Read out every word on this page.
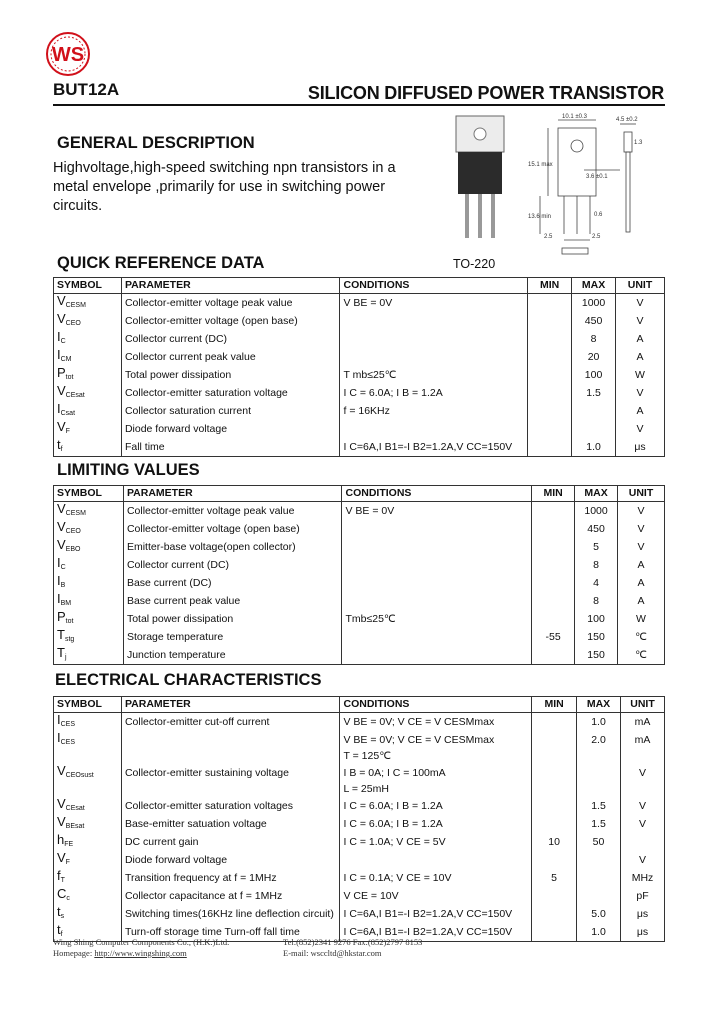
WS
BUT12A	SILICON DIFFUSED POWER TRANSISTOR
GENERAL DESCRIPTION
Highvoltage,high-speed switching npn transistors in a metal envelope ,primarily for use in switching power circuits.
10.1 ±0.3	4.5 ±0.2
1.3
15.1 max
3.6 ±0.1
13.6 min
2.5	2.5
0.6
TO-220
QUICK REFERENCE DATA
SYMBOL	PARAMETER	CONDITIONS	MIN	MAX	UNIT
$V_{CESM}$	Collector-emitter voltage peak value	V BE = 0V		1000	V
$V_{CEO}$	Collector-emitter voltage (open base)			450	V
$I_C$	Collector current (DC)			8	A
$I_{CM}$	Collector current peak value			20	A
$P_{tot}$	Total power dissipation	T mb≤25℃		100	W
$V_{CEsat}$	Collector-emitter saturation voltage	I C = 6.0A; I B = 1.2A		1.5	V
$I_{Csat}$	Collector saturation current	f = 16KHz			A
$V_F$	Diode forward voltage				V
$t_f$	Fall time	I C=6A,I B1=-I B2=1.2A,V CC=150V		1.0	μs
LIMITING VALUES
SYMBOL	PARAMETER	CONDITIONS	MIN	MAX	UNIT
$V_{CESM}$	Collector-emitter voltage peak value	V BE = 0V		1000	V
$V_{CEO}$	Collector-emitter voltage (open base)			450	V
$V_{EBO}$	Emitter-base voltage(open collector)			5	V
$I_C$	Collector current (DC)			8	A
$I_B$	Base current (DC)			4	A
$I_{BM}$	Base current peak value			8	A
$P_{tot}$	Total power dissipation	Tmb≤25℃		100	W
$T_{stg}$	Storage temperature		-55	150	℃
$T_j$	Junction temperature			150	℃
ELECTRICAL CHARACTERISTICS
SYMBOL	PARAMETER	CONDITIONS	MIN	MAX	UNIT
$I_{CES}$	Collector-emitter cut-off current	V BE = 0V; V CE = V CESMmax		1.0	mA
$I_{CES}$		V BE = 0V; V CE = V CESMmax		2.0	mA
		T = 125℃			
$V_{CEOsust}$	Collector-emitter sustaining voltage	I B = 0A; I C = 100mA			V
		L = 25mH			
$V_{CEsat}$	Collector-emitter saturation voltages	I C = 6.0A; I B = 1.2A		1.5	V
$V_{BEsat}$	Base-emitter satuation voltage	I C = 6.0A; I B = 1.2A		1.5	V
$h_{FE}$	DC current gain	I C = 1.0A; V CE = 5V	10	50	
$V_F$	Diode forward voltage				V
$f_T$	Transition frequency at f = 1MHz	I C = 0.1A; V CE = 10V	5		MHz
$C_c$	Collector capacitance at f = 1MHz	V CE = 10V			pF
$t_s$	Switching times(16KHz line deflection circuit)	I C=6A,I B1=-I B2=1.2A,V CC=150V		5.0	μs
$t_f$	Turn-off storage time Turn-off fall time	I C=6A,I B1=-I B2=1.2A,V CC=150V		1.0	μs
Wing Shing Computer Components Co., (H.K.)Ltd.
Homepage: http://www.wingshing.com
Tel:(852)2341 9276 Fax:(852)2797 8153
E-mail: wsccltd@hkstar.com
